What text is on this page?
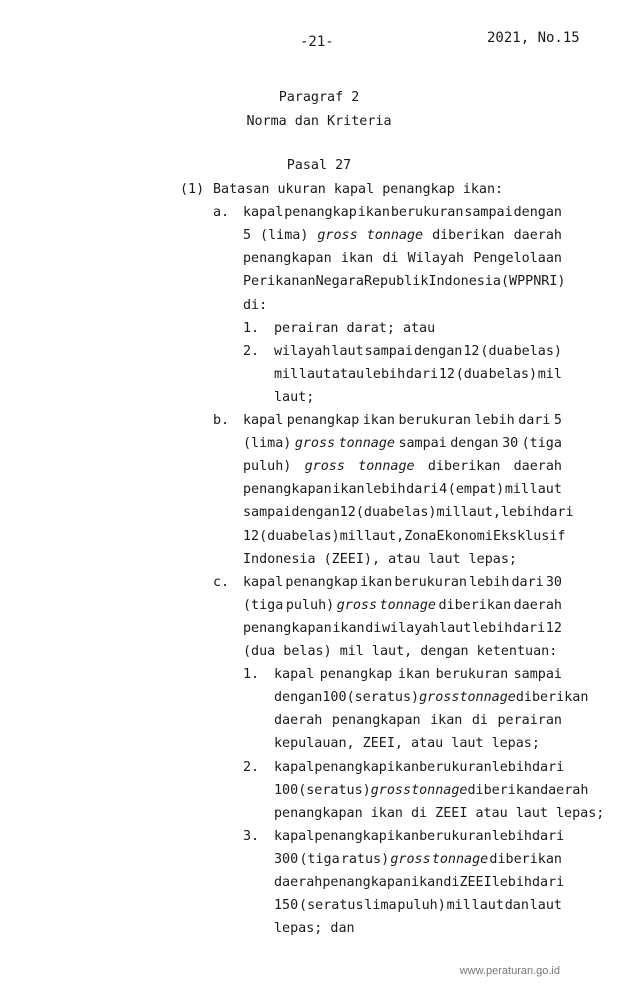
-21-	2021, No.15
Paragraf 2
Norma dan Kriteria
Pasal 27
(1) Batasan ukuran kapal penangkap ikan:
a. kapal penangkap ikan berukuran sampai dengan
5 (lima) gross tonnage diberikan daerah
penangkapan ikan di Wilayah Pengelolaan
Perikanan Negara Republik Indonesia (WPPNRI)
di:
1. perairan darat; atau
2. wilayah laut sampai dengan 12 (dua belas)
mil laut atau lebih dari 12 (dua belas) mil
laut;
b. kapal penangkap ikan berukuran lebih dari 5
(lima) gross tonnage sampai dengan 30 (tiga
puluh) gross tonnage diberikan daerah
penangkapan ikan lebih dari 4 (empat) mil laut
sampai dengan 12 (dua belas) mil laut, lebih dari
12 (dua belas) mil laut, Zona Ekonomi Eksklusif
Indonesia (ZEEI), atau laut lepas;
c. kapal penangkap ikan berukuran lebih dari 30
(tiga puluh) gross tonnage diberikan daerah
penangkapan ikan di wilayah laut lebih dari 12
(dua belas) mil laut, dengan ketentuan:
1. kapal penangkap ikan berukuran sampai
dengan 100 (seratus) gross tonnage diberikan
daerah penangkapan ikan di perairan
kepulauan, ZEEI, atau laut lepas;
2. kapal penangkap ikan berukuran lebih dari
100 (seratus) gross tonnage diberikan daerah
penangkapan ikan di ZEEI atau laut lepas;
3. kapal penangkap ikan berukuran lebih dari
300 (tiga ratus) gross tonnage diberikan
daerah penangkapan ikan di ZEEI lebih dari
150 (seratus lima puluh) mil laut dan laut
lepas; dan
www.peraturan.go.id
